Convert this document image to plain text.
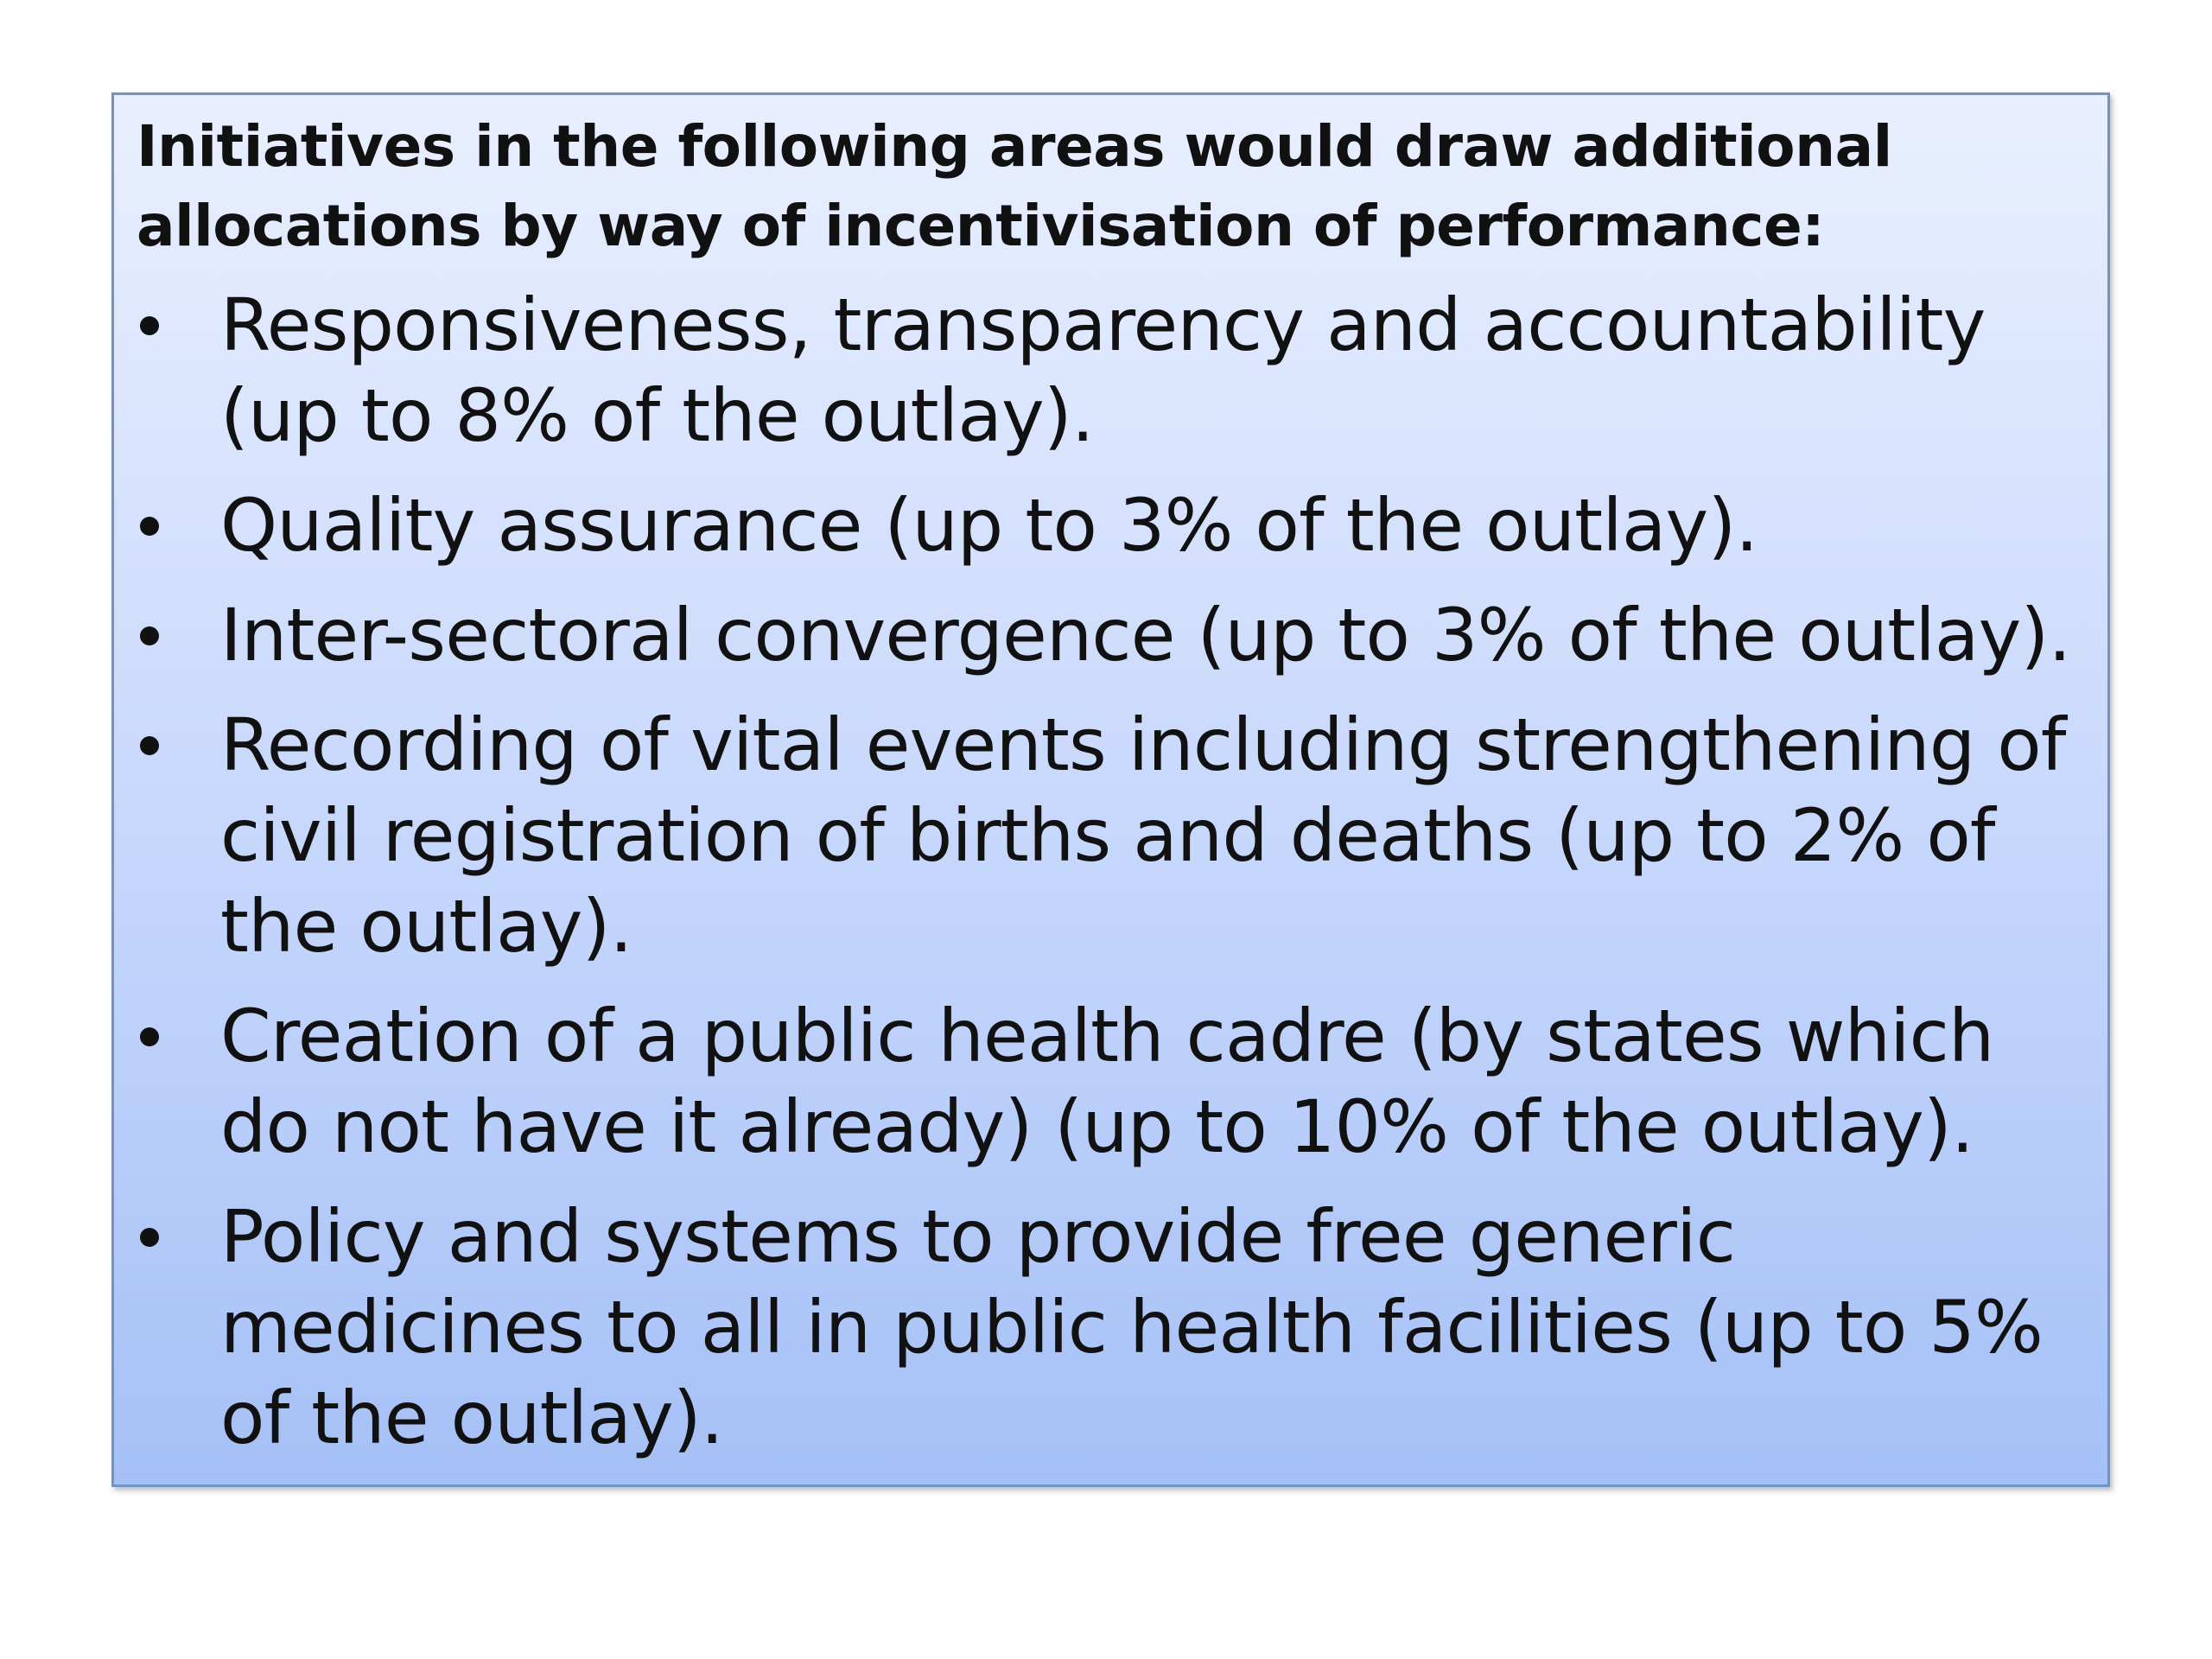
Initiatives in the following areas would draw additional allocations by way of incentivisation of performance:
Responsiveness, transparency and accountability (up to 8% of the outlay).
Quality assurance (up to 3% of the outlay).
Inter-sectoral convergence (up to 3% of the outlay).
Recording of vital events including strengthening of civil registration of births and deaths (up to 2% of the outlay).
Creation of a public health cadre (by states which do not have it already) (up to 10% of the outlay).
Policy and systems to provide free generic medicines to all in public health facilities (up to 5% of the outlay).
